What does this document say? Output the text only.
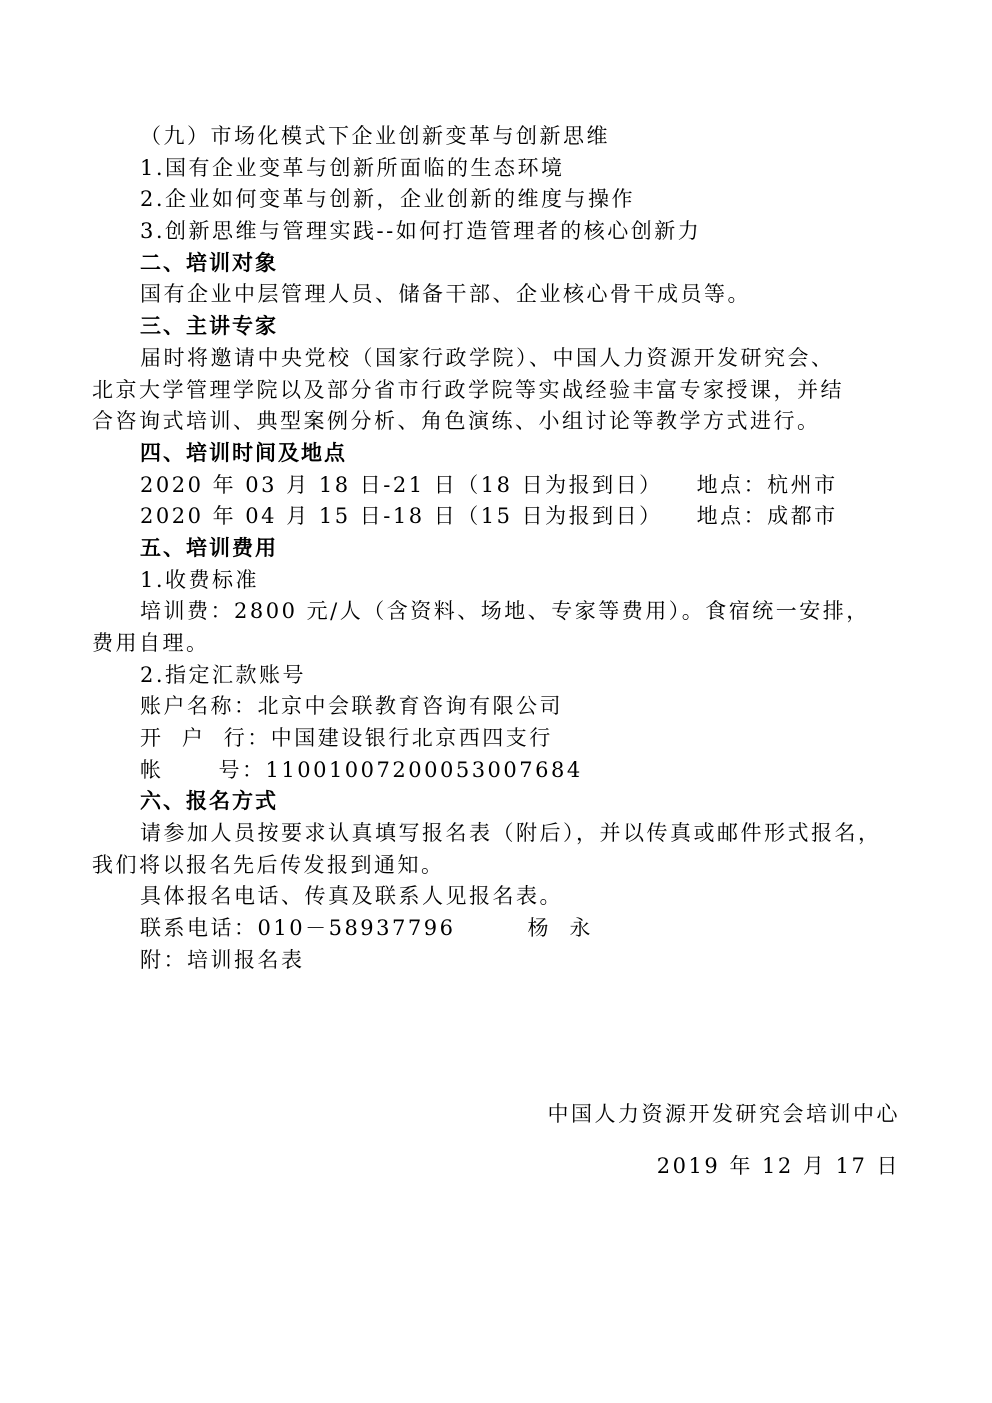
（九）市场化模式下企业创新变革与创新思维
1.国有企业变革与创新所面临的生态环境
2.企业如何变革与创新，企业创新的维度与操作
3.创新思维与管理实践--如何打造管理者的核心创新力
二、培训对象
国有企业中层管理人员、储备干部、企业核心骨干成员等。
三、主讲专家
届时将邀请中央党校（国家行政学院）、中国人力资源开发研究会、
北京大学管理学院以及部分省市行政学院等实战经验丰富专家授课，并结
合咨询式培训、典型案例分析、角色演练、小组讨论等教学方式进行。
四、培训时间及地点
2020 年 03 月 18 日-21 日（18 日为报到日） 地点：杭州市
2020 年 04 月 15 日-18 日（15 日为报到日） 地点：成都市
五、培训费用
1.收费标准
培训费：2800 元/人（含资料、场地、专家等费用）。食宿统一安排，
费用自理。
2.指定汇款账号
账户名称：北京中会联教育咨询有限公司
开  户  行：中国建设银行北京西四支行
帐	号：11001007200053007684
六、报名方式
请参加人员按要求认真填写报名表（附后），并以传真或邮件形式报名，
我们将以报名先后传发报到通知。
具体报名电话、传真及联系人见报名表。
联系电话：010－58937796	杨  永
附：培训报名表
中国人力资源开发研究会培训中心
2019 年 12 月 17 日
